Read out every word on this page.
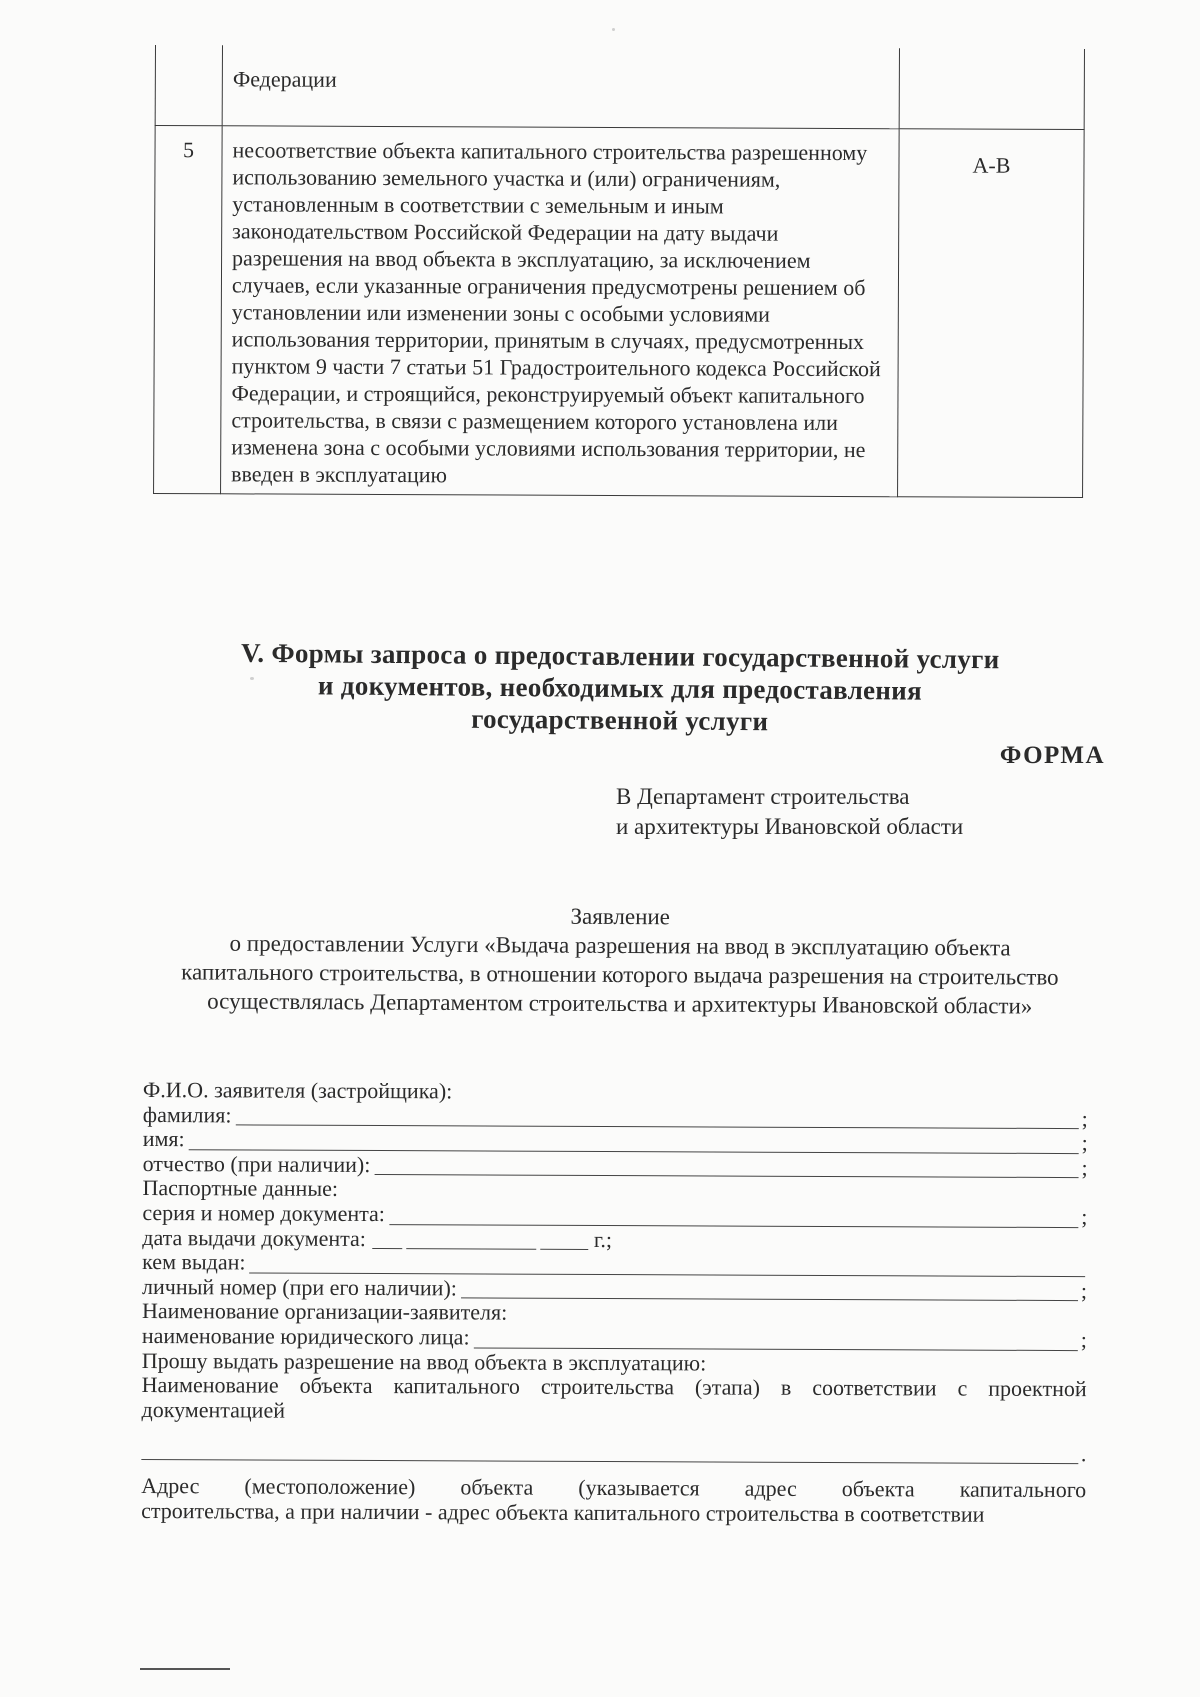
	Федерации	
5	несоответствие объекта капитального строительства разрешенному использованию земельного участка и (или) ограничениям, установленным в соответствии с земельным и иным законодательством Российской Федерации на дату выдачи разрешения на ввод объекта в эксплуатацию, за исключением случаев, если указанные ограничения предусмотрены решением об установлении или изменении зоны с особыми условиями использования территории, принятым в случаях, предусмотренных пунктом 9 части 7 статьи 51 Градостроительного кодекса Российской Федерации, и строящийся, реконструируемый объект капитального строительства, в связи с размещением которого установлена или изменена зона с особыми условиями использования территории, не введен в эксплуатацию	А-В
V. Формы запроса о предоставлении государственной услуги
и документов, необходимых для предоставления
государственной услуги
ФОРМА
В Департамент строительства
и архитектуры Ивановской области
Заявление
о предоставлении Услуги «Выдача разрешения на ввод в эксплуатацию объекта
капитального строительства, в отношении которого выдача разрешения на строительство
осуществлялась Департаментом строительства и архитектуры Ивановской области»
Ф.И.О. заявителя (застройщика):
фамилия:	;
имя:	;
отчество (при наличии):	;
Паспортные данные:
серия и номер документа:	;
дата выдачи документа:	г.;
кем выдан:
личный номер (при его наличии):	;
Наименование организации-заявителя:
наименование юридического лица:	;
Прошу выдать разрешение на ввод объекта в эксплуатацию:
Наименование объекта капитального строительства (этапа) в соответствии с проектной документацией
.
Адрес (местоположение) объекта (указывается адрес объекта капитального
строительства, а при наличии - адрес объекта капитального строительства в соответствии
